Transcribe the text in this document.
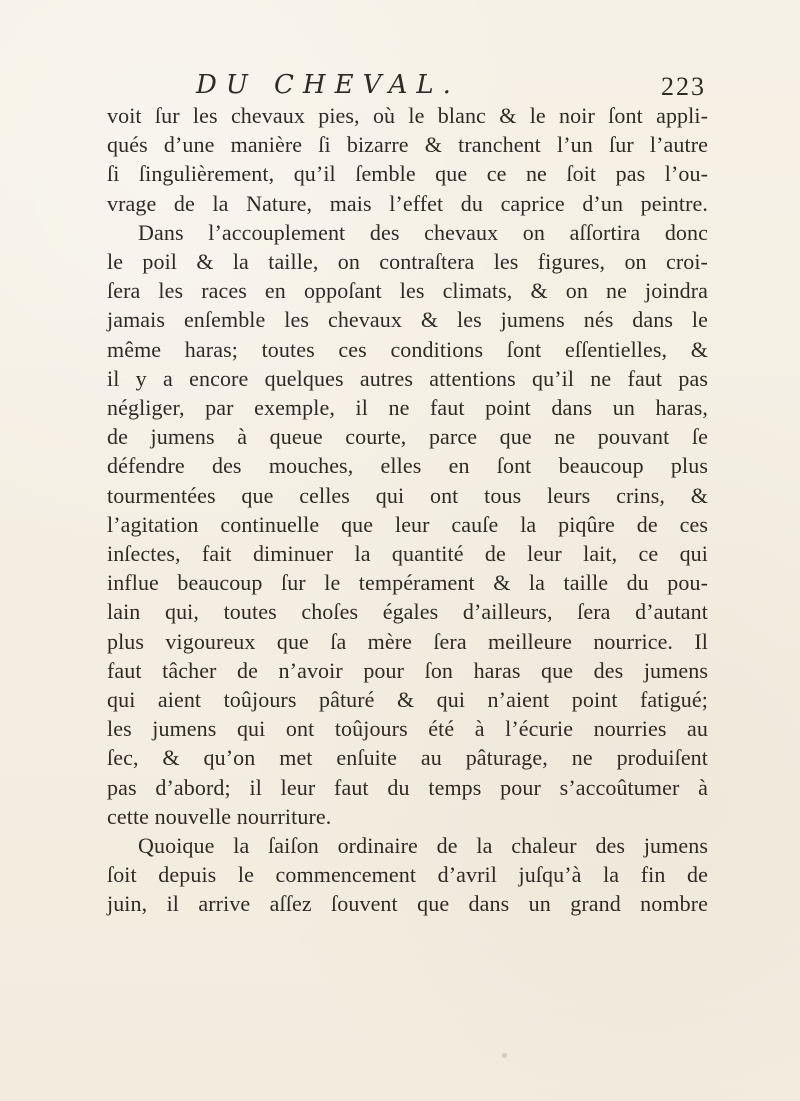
DU CHEVAL.	223
voit ſur les chevaux pies, où le blanc & le noir ſont appli-
qués d’une manière ſi bizarre & tranchent l’un ſur l’autre
ſi ſingulièrement, qu’il ſemble que ce ne ſoit pas l’ou-
vrage de la Nature, mais l’effet du caprice d’un peintre.
Dans l’accouplement des chevaux on aſſortira donc
le poil & la taille, on contraſtera les figures, on croi-
ſera les races en oppoſant les climats, & on ne joindra
jamais enſemble les chevaux & les jumens nés dans le
même haras; toutes ces conditions ſont eſſentielles, &
il y a encore quelques autres attentions qu’il ne faut pas
négliger, par exemple, il ne faut point dans un haras,
de jumens à queue courte, parce que ne pouvant ſe
défendre des mouches, elles en ſont beaucoup plus
tourmentées que celles qui ont tous leurs crins, &
l’agitation continuelle que leur cauſe la piqûre de ces
inſectes, fait diminuer la quantité de leur lait, ce qui
influe beaucoup ſur le tempérament & la taille du pou-
lain qui, toutes choſes égales d’ailleurs, ſera d’autant
plus vigoureux que ſa mère ſera meilleure nourrice. Il
faut tâcher de n’avoir pour ſon haras que des jumens
qui aient toûjours pâturé & qui n’aient point fatigué;
les jumens qui ont toûjours été à l’écurie nourries au
ſec, & qu’on met enſuite au pâturage, ne produiſent
pas d’abord; il leur faut du temps pour s’accoûtumer à
cette nouvelle nourriture.
Quoique la ſaiſon ordinaire de la chaleur des jumens
ſoit depuis le commencement d’avril juſqu’à la fin de
juin, il arrive aſſez ſouvent que dans un grand nombre
